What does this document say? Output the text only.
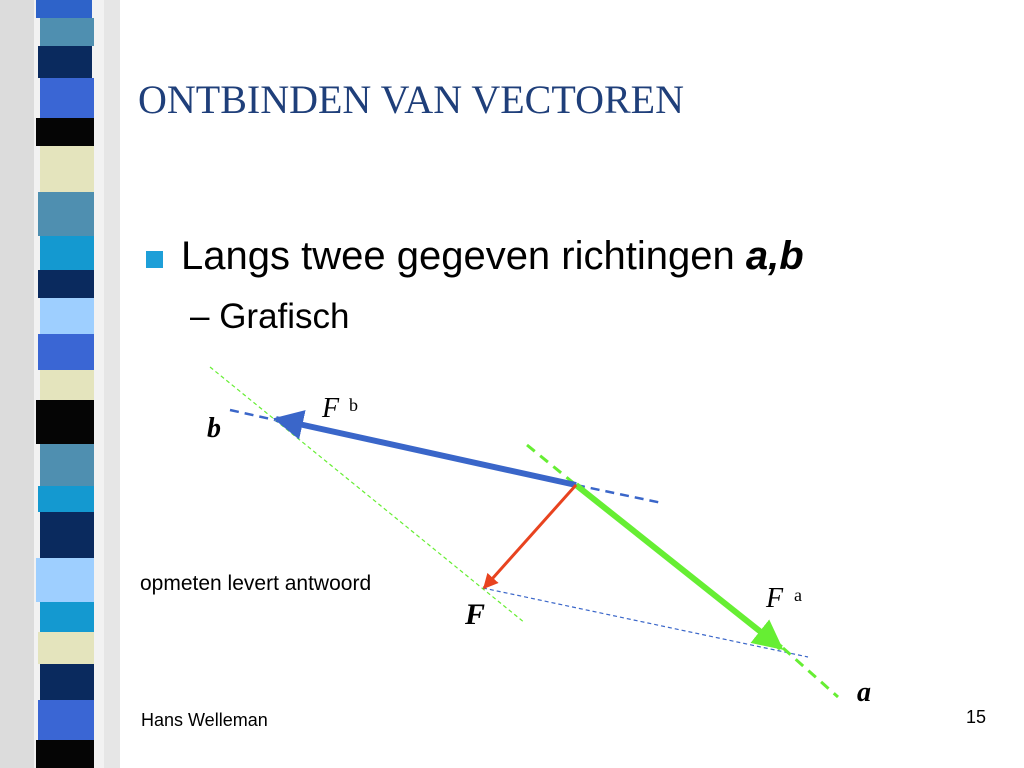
ONTBINDEN VAN VECTOREN
Langs twee gegeven richtingen a,b
– Grafisch
F b
b
F	F a
a
opmeten levert antwoord
Hans Welleman	15
